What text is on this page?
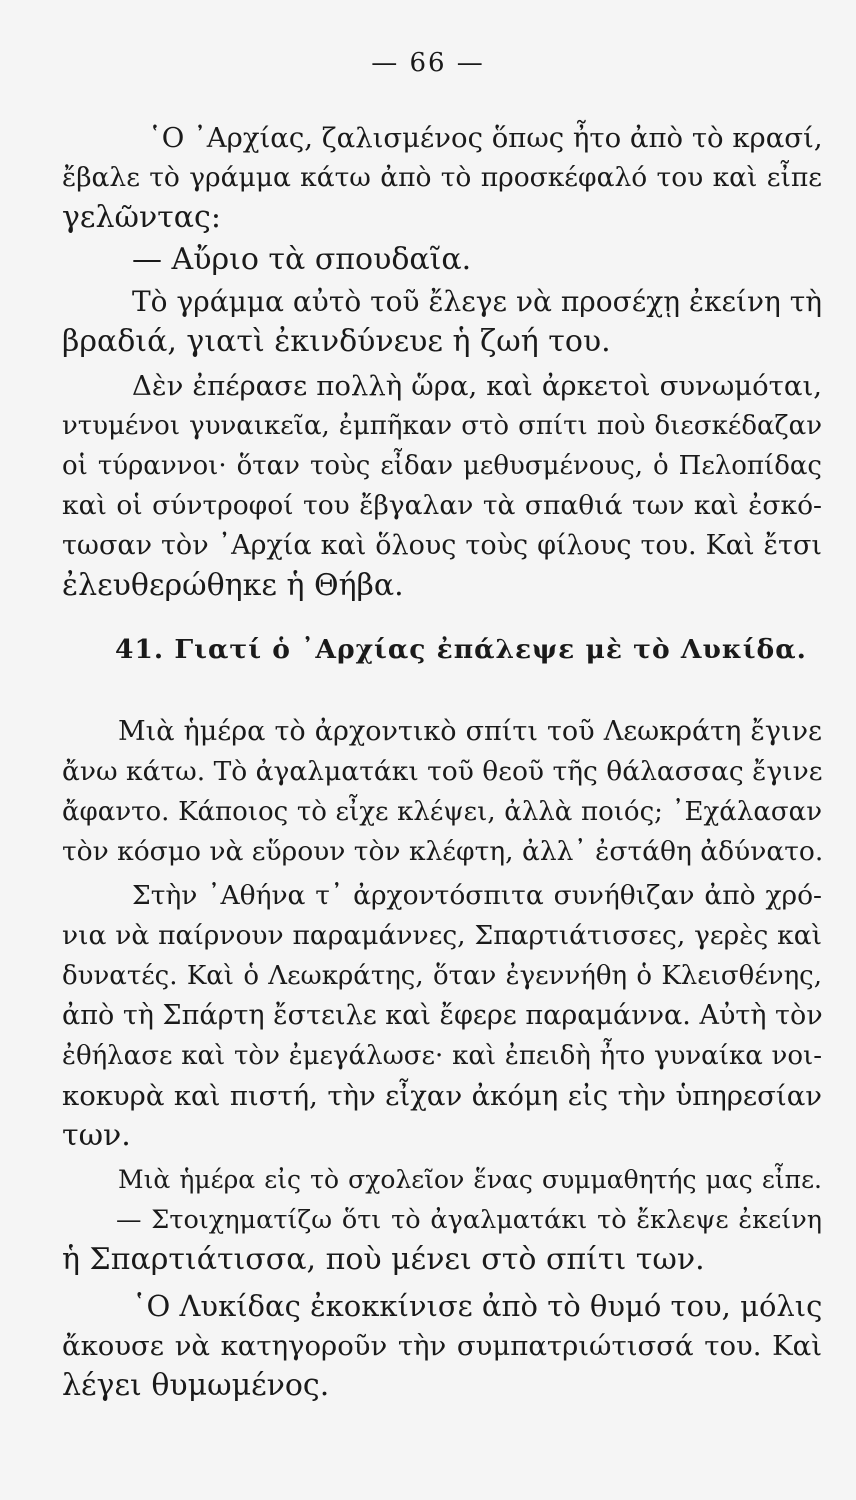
— 66 —
῾Ο ᾿Αρχίας, ζαλισμένος ὅπως ἦτο ἀπὸ τὸ κρασί,
ἔβαλε τὸ γράμμα κάτω ἀπὸ τὸ προσκέφαλό του καὶ εἶπε
γελῶντας:
— Αὔριο τὰ σπουδαῖα.
Τὸ γράμμα αὐτὸ τοῦ ἔλεγε νὰ προσέχῃ ἐκείνη τὴ
βραδιά, γιατὶ ἐκινδύνευε ἡ ζωή του.
Δὲν ἐπέρασε πολλὴ ὥρα, καὶ ἀρκετοὶ συνωμόται,
ντυμένοι γυναικεῖα, ἐμπῆκαν στὸ σπίτι ποὺ διεσκέδαζαν
οἱ τύραννοι· ὅταν τοὺς εἶδαν μεθυσμένους, ὁ Πελοπίδας
καὶ οἱ σύντροφοί του ἔβγαλαν τὰ σπαθιά των καὶ ἐσκό-
τωσαν τὸν ᾿Αρχία καὶ ὅλους τοὺς φίλους του. Καὶ ἔτσι
ἐλευθερώθηκε ἡ Θήβα.
41. Γιατί ὁ ᾿Αρχίας ἐπάλεψε μὲ τὸ Λυκίδα.
Μιὰ ἡμέρα τὸ ἀρχοντικὸ σπίτι τοῦ Λεωκράτη ἔγινε
ἄνω κάτω. Τὸ ἀγαλματάκι τοῦ θεοῦ τῆς θάλασσας ἔγινε
ἄφαντο. Κάποιος τὸ εἶχε κλέψει, ἀλλὰ ποιός; ᾿Εχάλασαν
τὸν κόσμο νὰ εὕρουν τὸν κλέφτη, ἀλλ᾿ ἐστάθη ἀδύνατο.
Στὴν ᾿Αθήνα τ᾿ ἀρχοντόσπιτα συνήθιζαν ἀπὸ χρό-
νια νὰ παίρνουν παραμάννες, Σπαρτιάτισσες, γερὲς καὶ
δυνατές. Καὶ ὁ Λεωκράτης, ὅταν ἐγεννήθη ὁ Κλεισθένης,
ἀπὸ τὴ Σπάρτη ἔστειλε καὶ ἔφερε παραμάννα. Αὐτὴ τὸν
ἐθήλασε καὶ τὸν ἐμεγάλωσε· καὶ ἐπειδὴ ἦτο γυναίκα νοι-
κοκυρὰ καὶ πιστή, τὴν εἶχαν ἀκόμη εἰς τὴν ὑπηρεσίαν
των.
Μιὰ ἡμέρα εἰς τὸ σχολεῖον ἕνας συμμαθητής μας εἶπε.
— Στοιχηματίζω ὅτι τὸ ἀγαλματάκι τὸ ἔκλεψε ἐκείνη
ἡ Σπαρτιάτισσα, ποὺ μένει στὸ σπίτι των.
῾Ο Λυκίδας ἐκοκκίνισε ἀπὸ τὸ θυμό του, μόλις
ἄκουσε νὰ κατηγοροῦν τὴν συμπατριώτισσά του. Καὶ
λέγει θυμωμένος.
